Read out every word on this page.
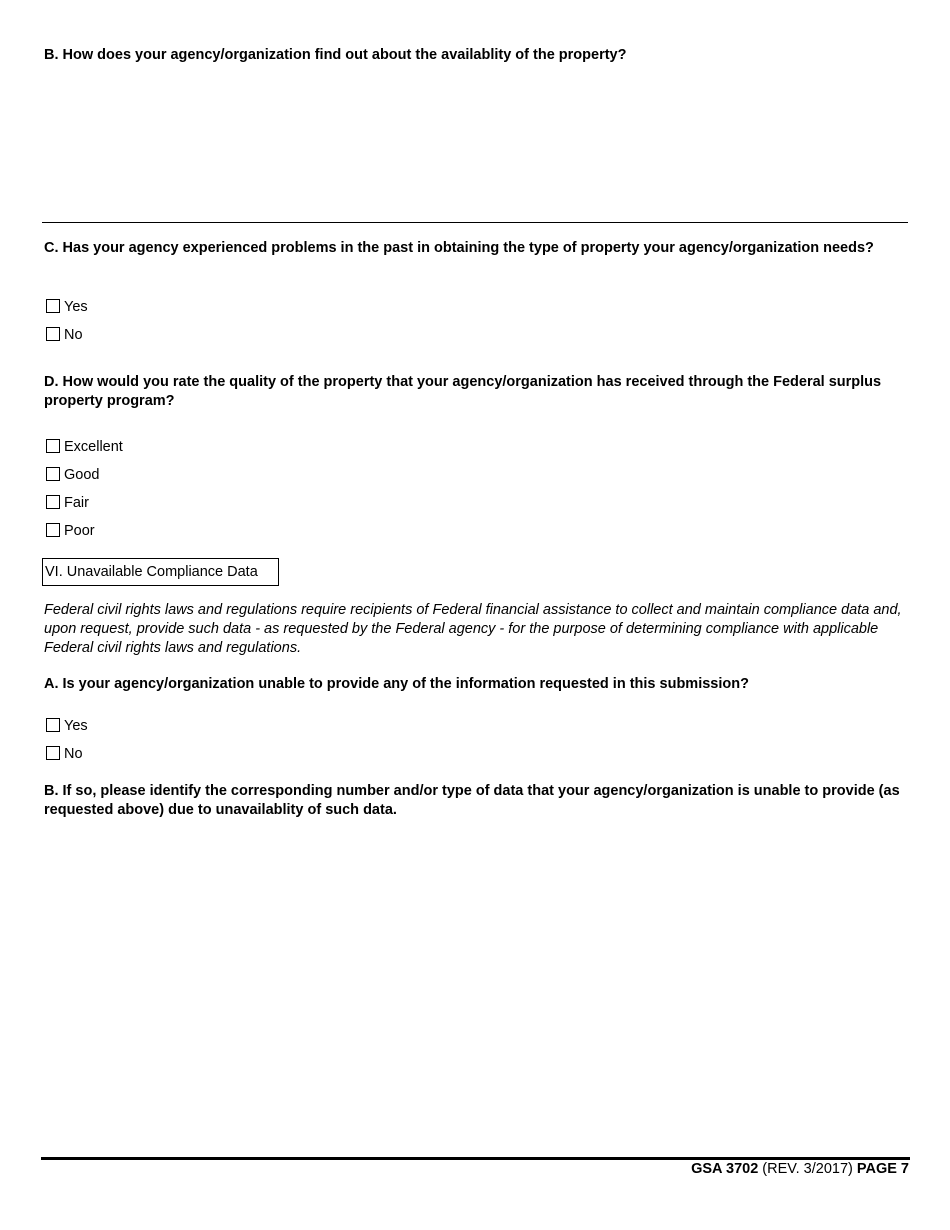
B. How does your agency/organization find out about the availablity of the property?
C. Has your agency experienced problems in the past in obtaining the type of property your agency/organization needs?
Yes
No
D. How would you rate the quality of the property that your agency/organization has received through the Federal surplus property program?
Excellent
Good
Fair
Poor
VI. Unavailable Compliance Data
Federal civil rights laws and regulations require recipients of Federal financial assistance to collect and maintain compliance data and, upon request, provide such data - as requested by the Federal agency - for the purpose of determining compliance with applicable Federal civil rights laws and regulations.
A. Is your agency/organization unable to provide any of the information requested in this submission?
Yes
No
B. If so, please identify the corresponding number and/or type of data that your agency/organization is unable to provide (as requested above) due to unavailablity of such data.
GSA 3702 (REV. 3/2017) PAGE 7
